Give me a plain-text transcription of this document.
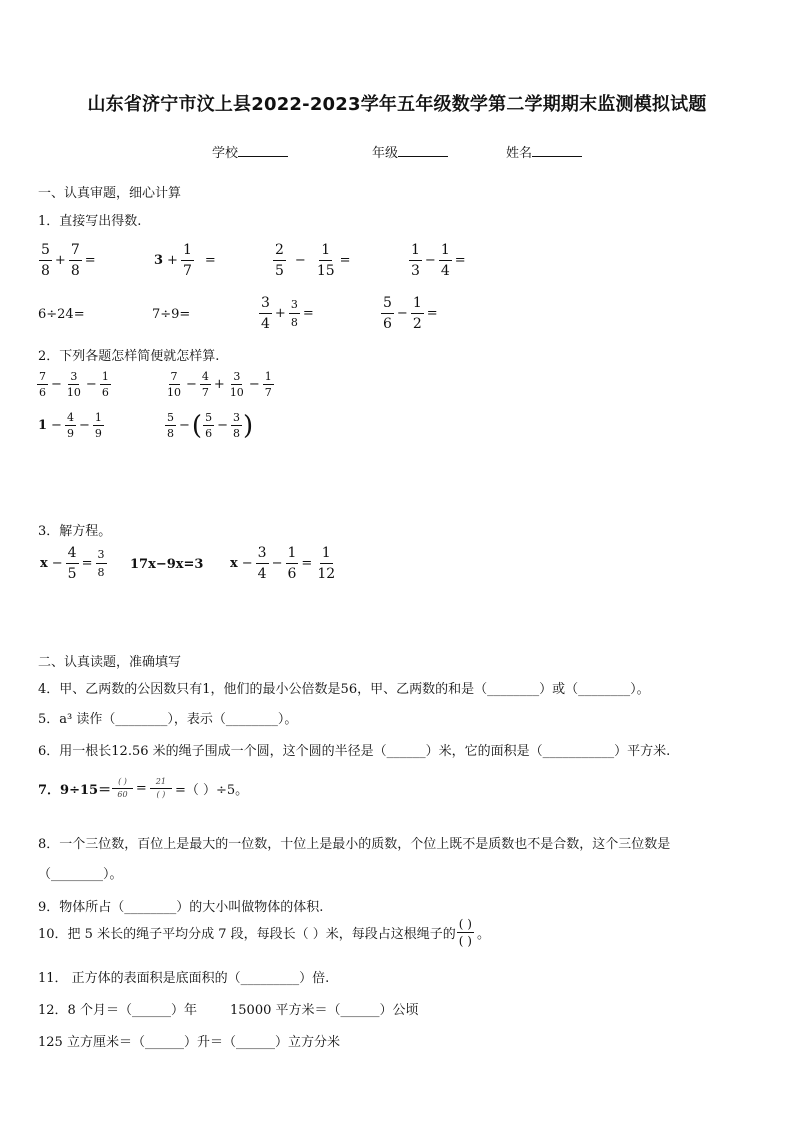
山东省济宁市汶上县2022-2023学年五年级数学第二学期期末监测模拟试题
学校	年级	姓名
一、认真审题，细心计算
1．直接写出得数.
$\frac{5}{8} + \frac{7}{8}$ =	$3 + \frac{1}{7}$ =	$\frac{2}{5} - \frac{1}{15}$ =	$\frac{1}{3} - \frac{1}{4}$ =
6÷24=	7÷9=	$\frac{3}{4} + \frac{3}{8}$ =	$\frac{5}{6} - \frac{1}{2}$ =
2．下列各题怎样简便就怎样算.
$\frac{7}{6} - \frac{3}{10} - \frac{1}{6}$	$\frac{7}{10} - \frac{4}{7} + \frac{3}{10} - \frac{1}{7}$
$1 - \frac{4}{9} - \frac{1}{9}$	$\frac{5}{8}$ − ( $\frac{5}{6} - \frac{3}{8}$ )
3．解方程。
$x - \frac{4}{5} = \frac{3}{8} 17x-9x=3$ $x - \frac{3}{4} - \frac{1}{6} = \frac{1}{12}$
二、认真读题，准确填写
4．甲、乙两数的公因数只有1，他们的最小公倍数是56，甲、乙两数的和是（________）或（________）。
5．a³ 读作（________），表示（________）。
6．用一根长12.56 米的绳子围成一个圆，这个圆的半径是（______）米，它的面积是（___________）平方米.
7．$9\div 15= \frac{( )}{60} = \frac{21}{( )}$ =（ ）÷5。
8．一个三位数，百位上是最大的一位数，十位上是最小的质数，个位上既不是质数也不是合数，这个三位数是
（________）。
9．物体所占（________）的大小叫做物体的体积.
10．把 5 米长的绳子平均分成 7 段，每段长（ ）米，每段占这根绳子的 $\frac{( )}{( )}$ 。
11． 正方体的表面积是底面积的（_________）倍.
12．8 个月＝（______）年	15000 平方米＝（______）公顷
125 立方厘米＝（______）升＝（______）立方分米
